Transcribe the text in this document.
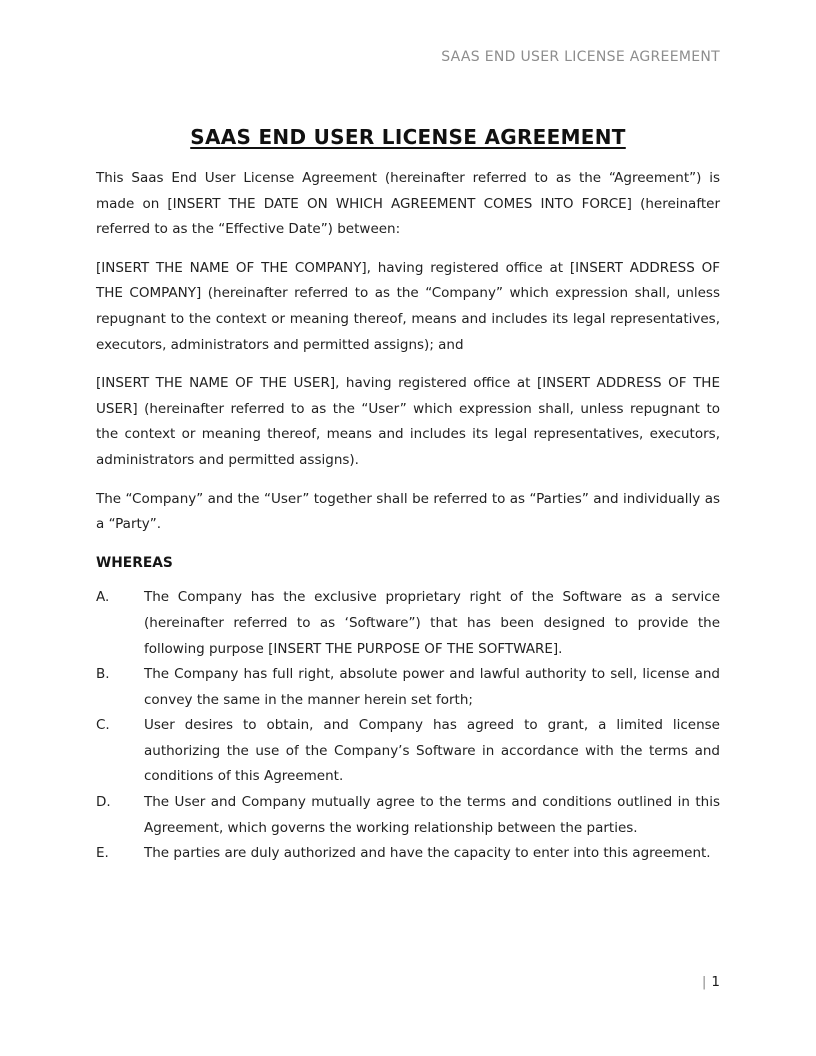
SAAS END USER LICENSE AGREEMENT
SAAS END USER LICENSE AGREEMENT

This Saas End User License Agreement (hereinafter referred to as the “Agreement”) is made on [INSERT THE DATE ON WHICH AGREEMENT COMES INTO FORCE] (hereinafter referred to as the “Effective Date”) between:

[INSERT THE NAME OF THE COMPANY], having registered office at [INSERT ADDRESS OF THE COMPANY] (hereinafter referred to as the “Company” which expression shall, unless repugnant to the context or meaning thereof, means and includes its legal representatives, executors, administrators and permitted assigns); and

[INSERT THE NAME OF THE USER], having registered office at [INSERT ADDRESS OF THE USER] (hereinafter referred to as the “User” which expression shall, unless repugnant to the context or meaning thereof, means and includes its legal representatives, executors, administrators and permitted assigns).

The “Company” and the “User” together shall be referred to as “Parties” and individually as a “Party”.

WHEREAS
A.	The Company has the exclusive proprietary right of the Software as a service (hereinafter referred to as ‘Software”) that has been designed to provide the following purpose [INSERT THE PURPOSE OF THE SOFTWARE].
B.	The Company has full right, absolute power and lawful authority to sell, license and convey the same in the manner herein set forth;
C.	User desires to obtain, and Company has agreed to grant, a limited license authorizing the use of the Company’s Software in accordance with the terms and conditions of this Agreement.
D.	The User and Company mutually agree to the terms and conditions outlined in this Agreement, which governs the working relationship between the parties.
E.	The parties are duly authorized and have the capacity to enter into this agreement.
| 1
